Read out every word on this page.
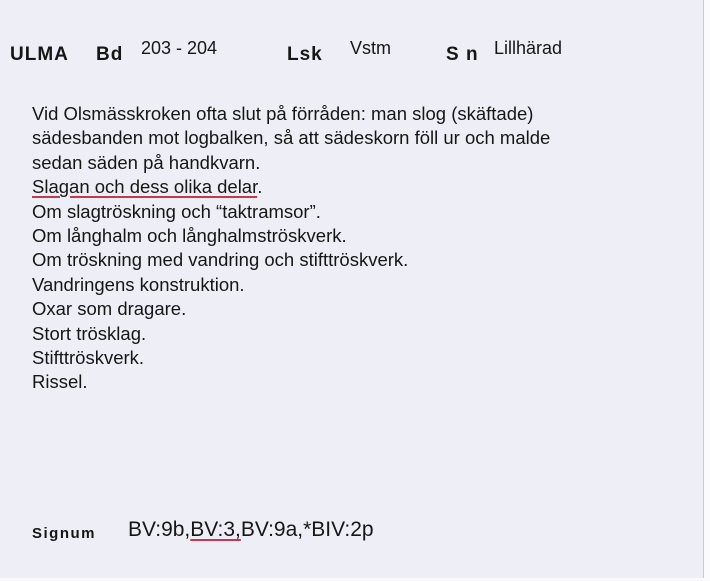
ULMA Bd 203 - 204	Lsk Vstm	S n Lillhärad
Vid Olsmässkroken ofta slut på förråden: man slog (skäftade)
sädesbanden mot logbalken, så att sädeskorn föll ur och malde
sedan säden på handkvarn.
Slagan och dess olika delar.
Om slagtröskning och “taktramsor”.
Om långhalm och långhalmströskverk.
Om tröskning med vandring och stifttröskverk.
Vandringens konstruktion.
Oxar som dragare.
Stort trösklag.
Stifttröskverk.
Rissel.
Signum BV:9b,BV:3,BV:9a,*BIV:2p
